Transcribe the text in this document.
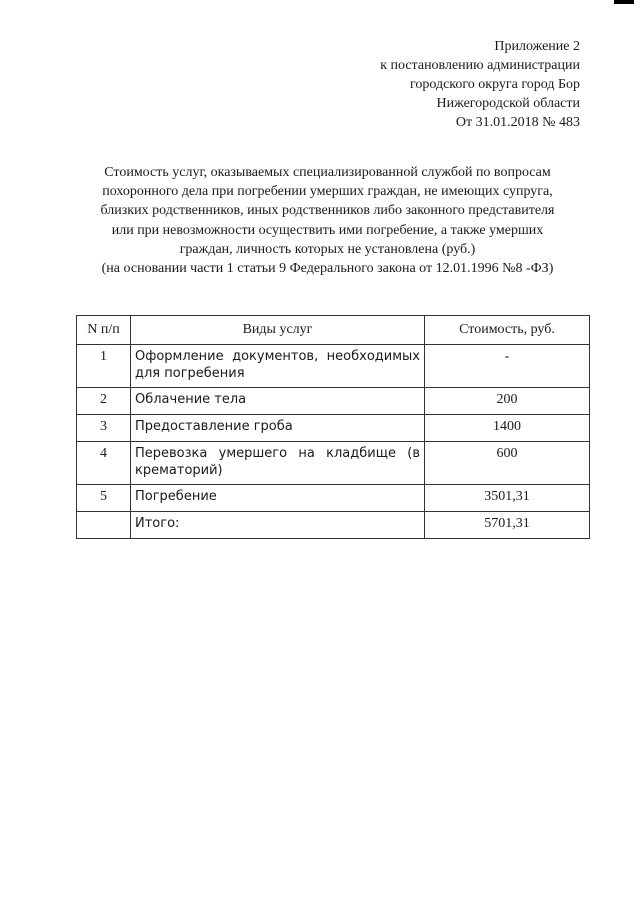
Приложение 2
к постановлению администрации
городского округа город Бор
Нижегородской области
От 31.01.2018 № 483
Стоимость услуг, оказываемых специализированной службой по вопросам
похоронного дела при погребении умерших граждан, не имеющих супруга,
близких родственников, иных родственников либо законного представителя
или при невозможности осуществить ими погребение, а также умерших
граждан, личность которых не установлена (руб.)
(на основании части 1 статьи 9 Федерального закона от 12.01.1996 №8 -ФЗ)
N п/п	Виды услуг	Стоимость, руб.
1	Оформление документов, необходимых для погребения	-
2	Облачение тела	200
3	Предоставление гроба	1400
4	Перевозка умершего на кладбище (в крематорий)	600
5	Погребение	3501,31
	Итого:	5701,31
